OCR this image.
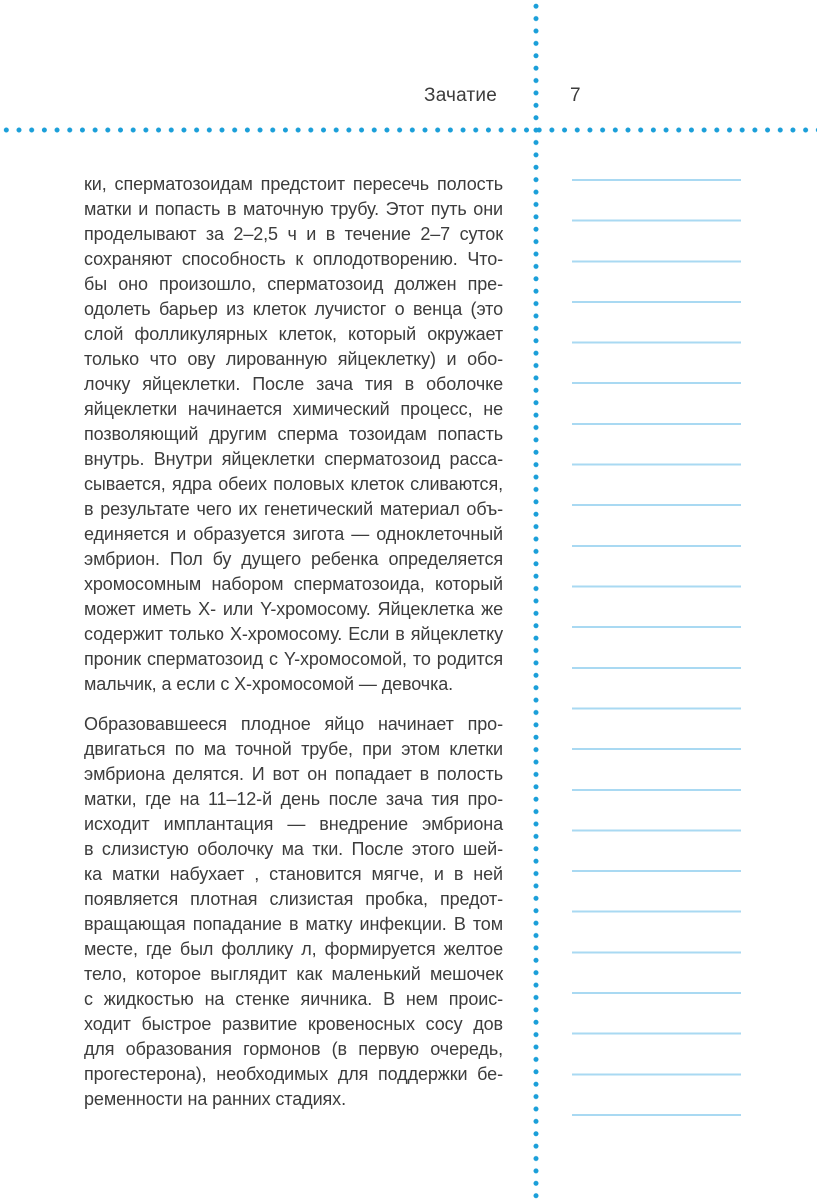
Зачатие	7
ки, сперматозоидам предстоит пересечь полость
матки и попасть в маточную трубу. Этот путь они
проделывают за 2–2,5 ч и в течение 2–7 суток
сохраняют способность к оплодотворению. Что-
бы оно произошло, сперматозоид должен пре-
одолеть барьер из клеток лучистог о венца (это
слой фолликулярных клеток, который окружает
только что ову лированную яйцеклетку) и обо-
лочку яйцеклетки. После зача тия в оболочке
яйцеклетки начинается химический процесс, не
позволяющий другим сперма тозоидам попасть
внутрь. Внутри яйцеклетки сперматозоид расса-
сывается, ядра обеих половых клеток сливаются,
в результате чего их генетический материал объ-
единяется и образуется зигота — одноклеточный
эмбрион. Пол бу дущего ребенка определяется
хромосомным набором сперматозоида, который
может иметь X- или Y-хромосому. Яйцеклетка же
содержит только X-хромосому. Если в яйцеклетку
проник сперматозоид с Y-хромосомой, то родится
мальчик, а если с X-хромосомой — девочка.
Образовавшееся плодное яйцо начинает про-
двигаться по ма точной трубе, при этом клетки
эмбриона делятся. И вот он попадает в полость
матки, где на 11–12-й день после зача тия про-
исходит имплантация — внедрение эмбриона
в слизистую оболочку ма тки. После этого шей-
ка матки набухает , становится мягче, и в ней
появляется плотная слизистая пробка, предот-
вращающая попадание в матку инфекции. В том
месте, где был фоллику л, формируется желтое
тело, которое выглядит как маленький мешочек
с жидкостью на стенке яичника. В нем проис-
ходит быстрое развитие кровеносных сосу дов
для образования гормонов (в первую очередь,
прогестерона), необходимых для поддержки бе-
ременности на ранних стадиях.
